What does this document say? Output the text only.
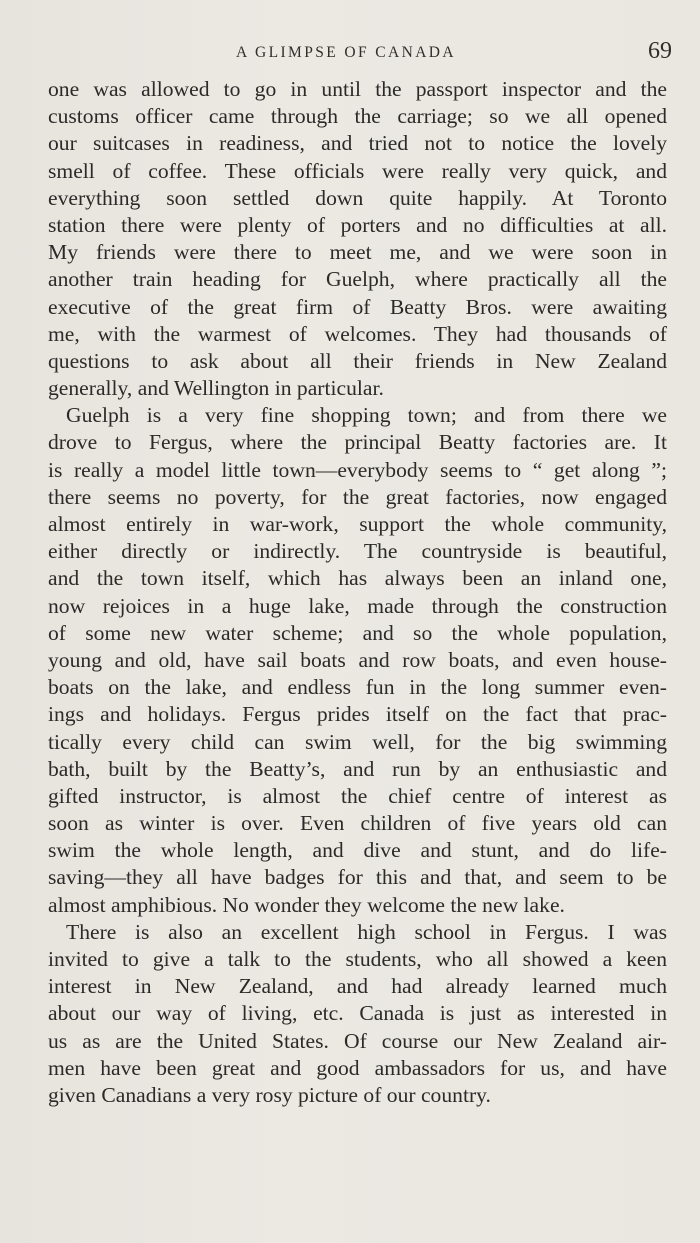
A GLIMPSE OF CANADA	69
one was allowed to go in until the passport inspector and the
customs officer came through the carriage; so we all opened
our suitcases in readiness, and tried not to notice the lovely
smell of coffee. These officials were really very quick, and
everything soon settled down quite happily. At Toronto
station there were plenty of porters and no difficulties at all.
My friends were there to meet me, and we were soon in
another train heading for Guelph, where practically all the
executive of the great firm of Beatty Bros. were awaiting
me, with the warmest of welcomes. They had thousands of
questions to ask about all their friends in New Zealand
generally, and Wellington in particular.
Guelph is a very fine shopping town; and from there we
drove to Fergus, where the principal Beatty factories are. It
is really a model little town—everybody seems to “ get along ”;
there seems no poverty, for the great factories, now engaged
almost entirely in war-work, support the whole community,
either directly or indirectly. The countryside is beautiful,
and the town itself, which has always been an inland one,
now rejoices in a huge lake, made through the construction
of some new water scheme; and so the whole population,
young and old, have sail boats and row boats, and even house-
boats on the lake, and endless fun in the long summer even-
ings and holidays. Fergus prides itself on the fact that prac-
tically every child can swim well, for the big swimming
bath, built by the Beatty’s, and run by an enthusiastic and
gifted instructor, is almost the chief centre of interest as
soon as winter is over. Even children of five years old can
swim the whole length, and dive and stunt, and do life-
saving—they all have badges for this and that, and seem to be
almost amphibious. No wonder they welcome the new lake.
There is also an excellent high school in Fergus. I was
invited to give a talk to the students, who all showed a keen
interest in New Zealand, and had already learned much
about our way of living, etc. Canada is just as interested in
us as are the United States. Of course our New Zealand air-
men have been great and good ambassadors for us, and have
given Canadians a very rosy picture of our country.
